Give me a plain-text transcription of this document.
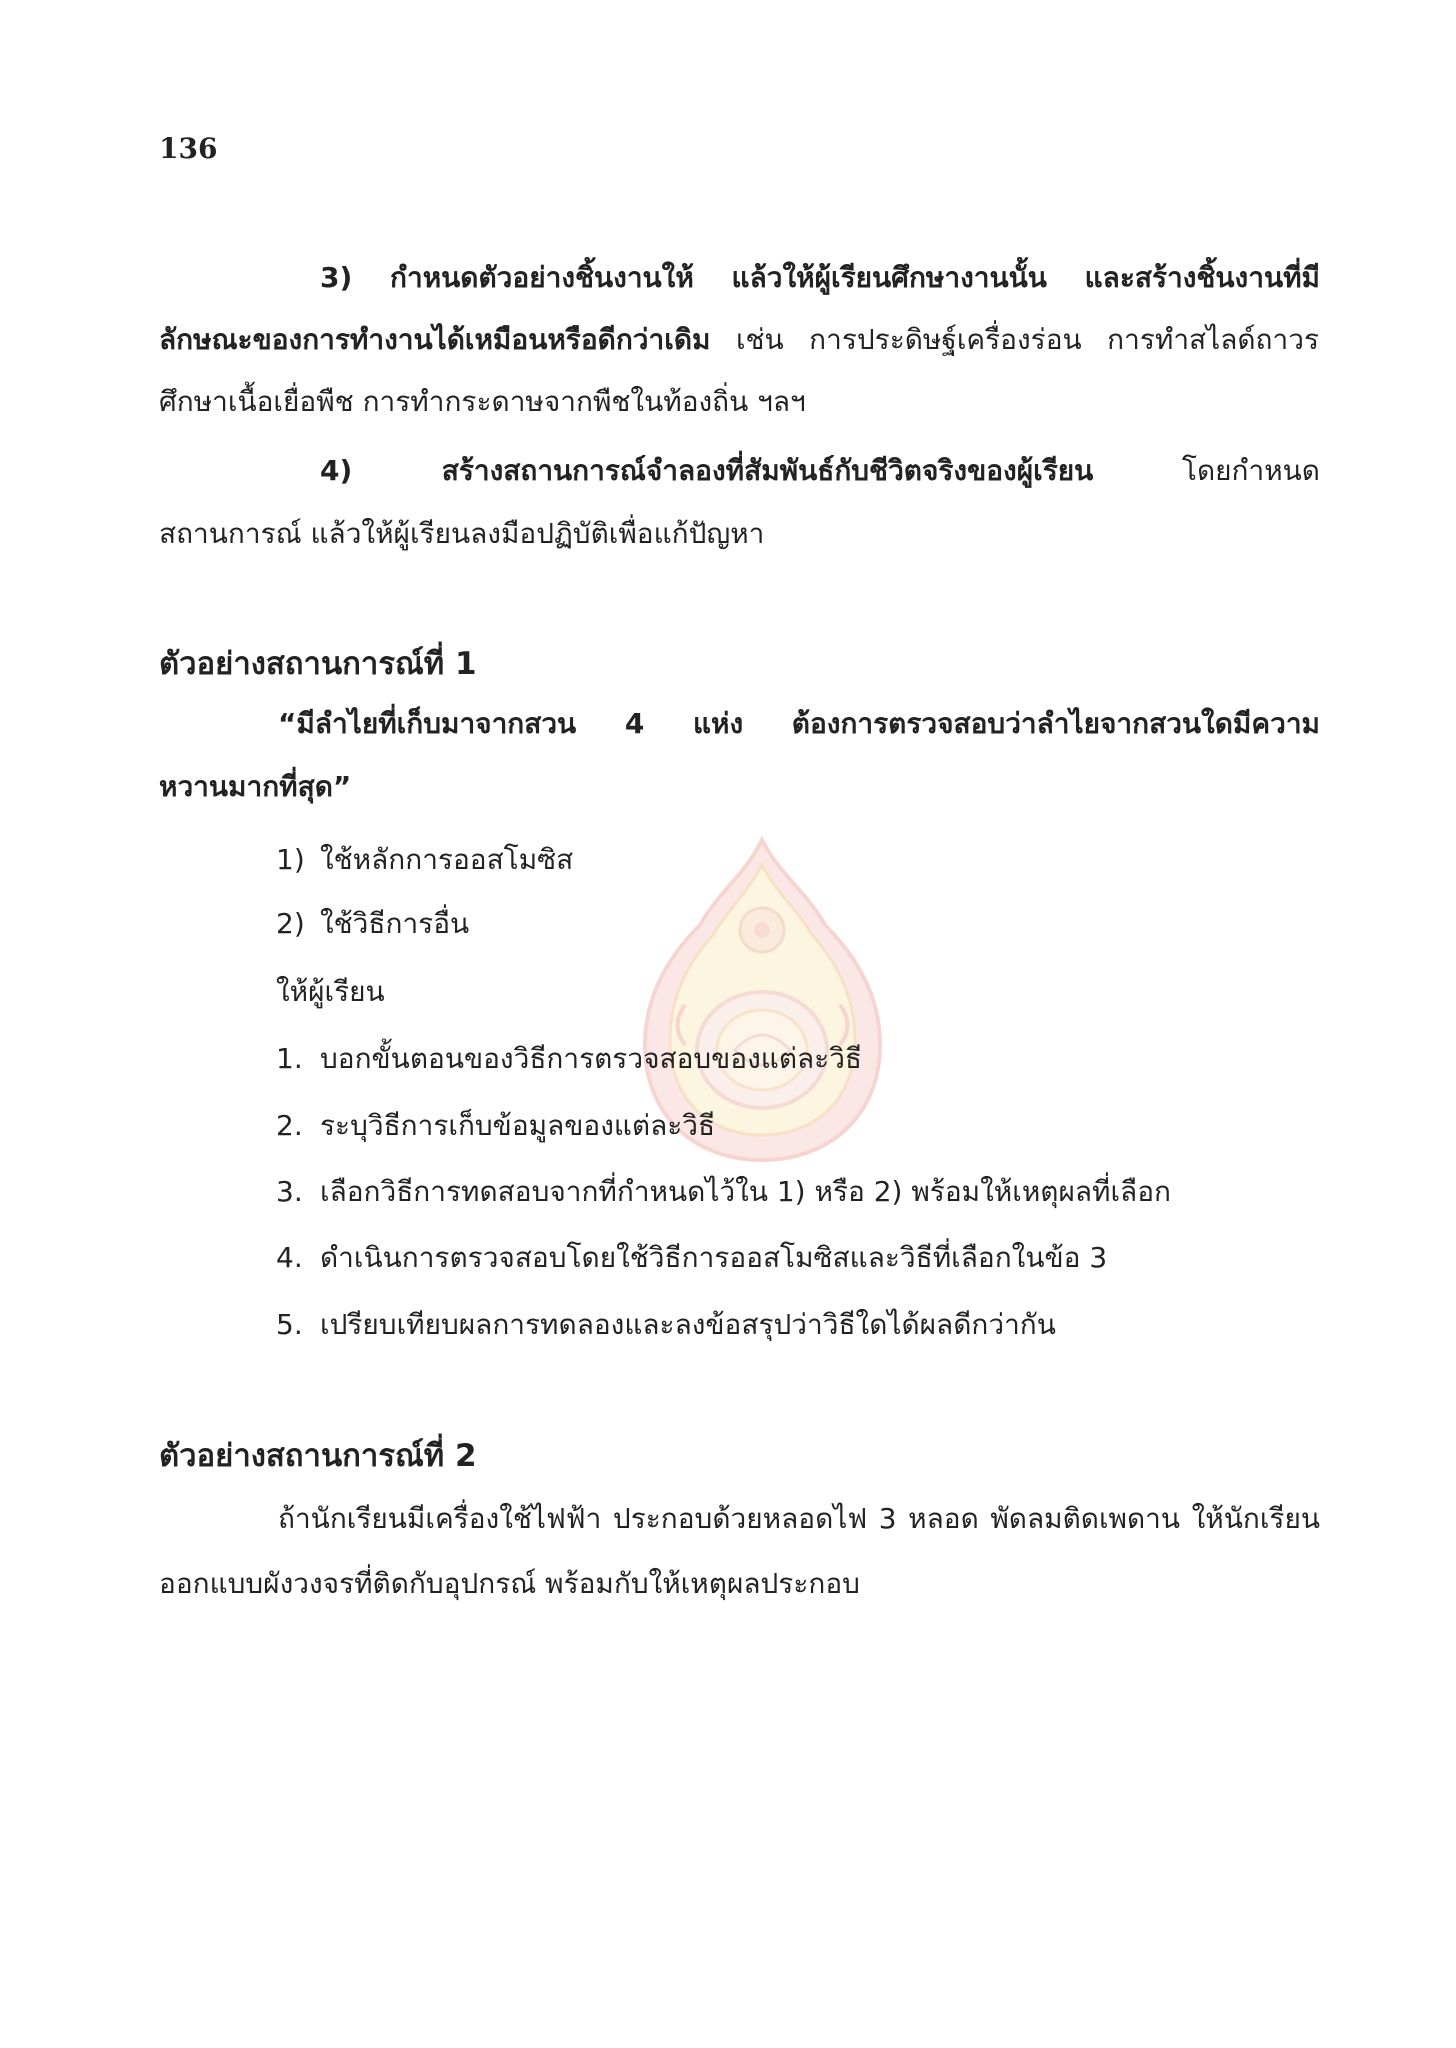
136
3) กำหนดตัวอย่างชิ้นงานให้ แล้วให้ผู้เรียนศึกษางานนั้น และสร้างชิ้นงานที่มี
ลักษณะของการทำงานได้เหมือนหรือดีกว่าเดิม เช่น การประดิษฐ์เครื่องร่อน การทำสไลด์ถาวร
ศึกษาเนื้อเยื่อพืช การทำกระดาษจากพืชในท้องถิ่น ฯลฯ
4) สร้างสถานการณ์จำลองที่สัมพันธ์กับชีวิตจริงของผู้เรียน โดยกำหนด
สถานการณ์ แล้วให้ผู้เรียนลงมือปฏิบัติเพื่อแก้ปัญหา
ตัวอย่างสถานการณ์ที่ 1
“มีลำไยที่เก็บมาจากสวน 4 แห่ง ต้องการตรวจสอบว่าลำไยจากสวนใดมีความ
หวานมากที่สุด”
1) ใช้หลักการออสโมซิส
2) ใช้วิธีการอื่น
ให้ผู้เรียน
1. บอกขั้นตอนของวิธีการตรวจสอบของแต่ละวิธี
2. ระบุวิธีการเก็บข้อมูลของแต่ละวิธี
3. เลือกวิธีการทดสอบจากที่กำหนดไว้ใน 1) หรือ 2) พร้อมให้เหตุผลที่เลือก
4. ดำเนินการตรวจสอบโดยใช้วิธีการออสโมซิสและวิธีที่เลือกในข้อ 3
5. เปรียบเทียบผลการทดลองและลงข้อสรุปว่าวิธีใดได้ผลดีกว่ากัน
ตัวอย่างสถานการณ์ที่ 2
ถ้านักเรียนมีเครื่องใช้ไฟฟ้า ประกอบด้วยหลอดไฟ 3 หลอด พัดลมติดเพดาน ให้นักเรียน
ออกแบบผังวงจรที่ติดกับอุปกรณ์ พร้อมกับให้เหตุผลประกอบ
